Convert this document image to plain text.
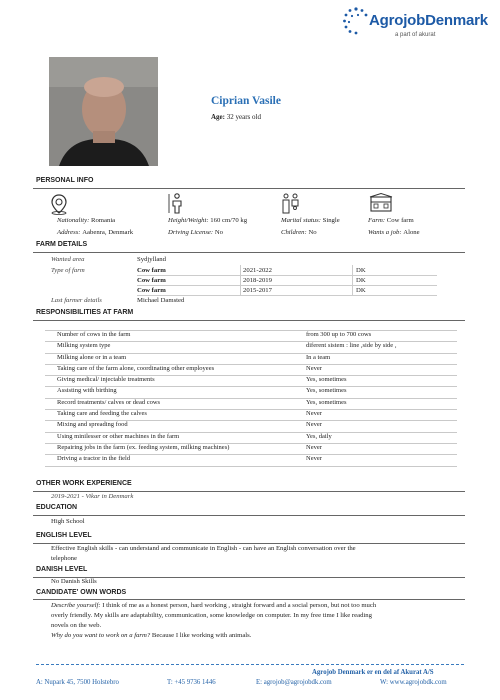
AgrojobDenmark
a part of akurat
Ciprian Vasile
Age: 32 years old
PERSONAL INFO
Nationality: Romania
Address: Aabenra, Denmark
Height/Weight: 160 cm/70 kg
Driving License: No
Marital status: Single
Children: No
Farm: Cow farm
Wants a job: Alone
FARM DETAILS
Wanted area	Sydjylland
Type of farm	Cow farm	2021-2022	DK
Cow farm	2018-2019	DK
Cow farm	2015-2017	DK
Last farmer details	Michael Damsted
RESPONSIBILITIES AT FARM
Number of cows in the farm	from 300 up to 700 cows
Milking system type	diferent sistem : line ,side by side ,
Milking alone or in a team	In a team
Taking care of the farm alone, coordinating other employees	Never
Giving medical/ injectable treatments	Yes, sometimes
Assisting with birthing	Yes, sometimes
Record treatments/ calves or dead cows	Yes, sometimes
Taking care and feeding the calves	Never
Mixing and spreading food	Never
Using minilesser or other machines in the farm	Yes, daily
Repairing jobs in the farm (ex. feeding system, milking machines)	Never
Driving a tractor in the field	Never
OTHER WORK EXPERIENCE
2019-2021 - Vikar in Denmark
EDUCATION
High School
ENGLISH LEVEL
Effective English skills - can understand and communicate in English - can have an English conversation over the
telephone
DANISH LEVEL
No Danish Skills
CANDIDATE' OWN WORDS
Describe yourself: I think of me as a honest person, hard working , straight forward and a social person, but not too much
overly friendly. My skills are adaptability, communication, some knowledge on computer. In my free time I like reading
novels on the web.
Why do you want to work on a farm? Because I like working with animals.
Agrojob Denmark er en del af Akurat A/S
A: Nupark 45, 7500 Holstebro	T: +45 9736 1446	E: agrojob@agrojobdk.com	W: www.agrojobdk.com
